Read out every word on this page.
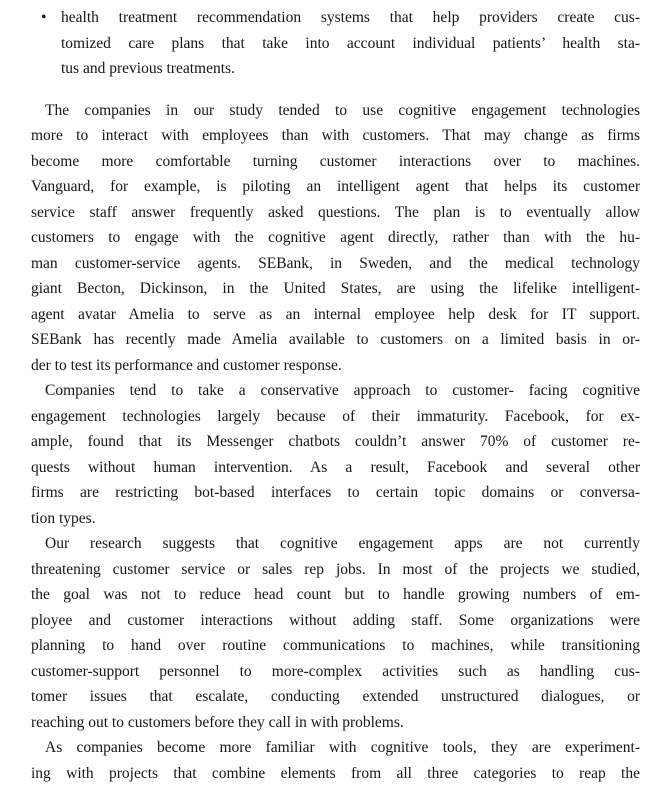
• health treatment recommendation systems that help providers create cus-
tomized care plans that take into account individual patients’ health sta-
tus and previous treatments.
The companies in our study tended to use cognitive engagement technologies
more to interact with employees than with customers. That may change as firms
become more comfortable turning customer interactions over to machines.
Vanguard, for example, is piloting an intelligent agent that helps its customer
service staff answer frequently asked questions. The plan is to eventually allow
customers to engage with the cognitive agent directly, rather than with the hu-
man customer-service agents. SEBank, in Sweden, and the medical technology
giant Becton, Dickinson, in the United States, are using the lifelike intelligent-
agent avatar Amelia to serve as an internal employee help desk for IT support.
SEBank has recently made Amelia available to customers on a limited basis in or-
der to test its performance and customer response.
Companies tend to take a conservative approach to customer- facing cognitive
engagement technologies largely because of their immaturity. Facebook, for ex-
ample, found that its Messenger chatbots couldn’t answer 70% of customer re-
quests without human intervention. As a result, Facebook and several other
firms are restricting bot-based interfaces to certain topic domains or conversa-
tion types.
Our research suggests that cognitive engagement apps are not currently
threatening customer service or sales rep jobs. In most of the projects we studied,
the goal was not to reduce head count but to handle growing numbers of em-
ployee and customer interactions without adding staff. Some organizations were
planning to hand over routine communications to machines, while transitioning
customer-support personnel to more-complex activities such as handling cus-
tomer issues that escalate, conducting extended unstructured dialogues, or
reaching out to customers before they call in with problems.
As companies become more familiar with cognitive tools, they are experiment-
ing with projects that combine elements from all three categories to reap the
